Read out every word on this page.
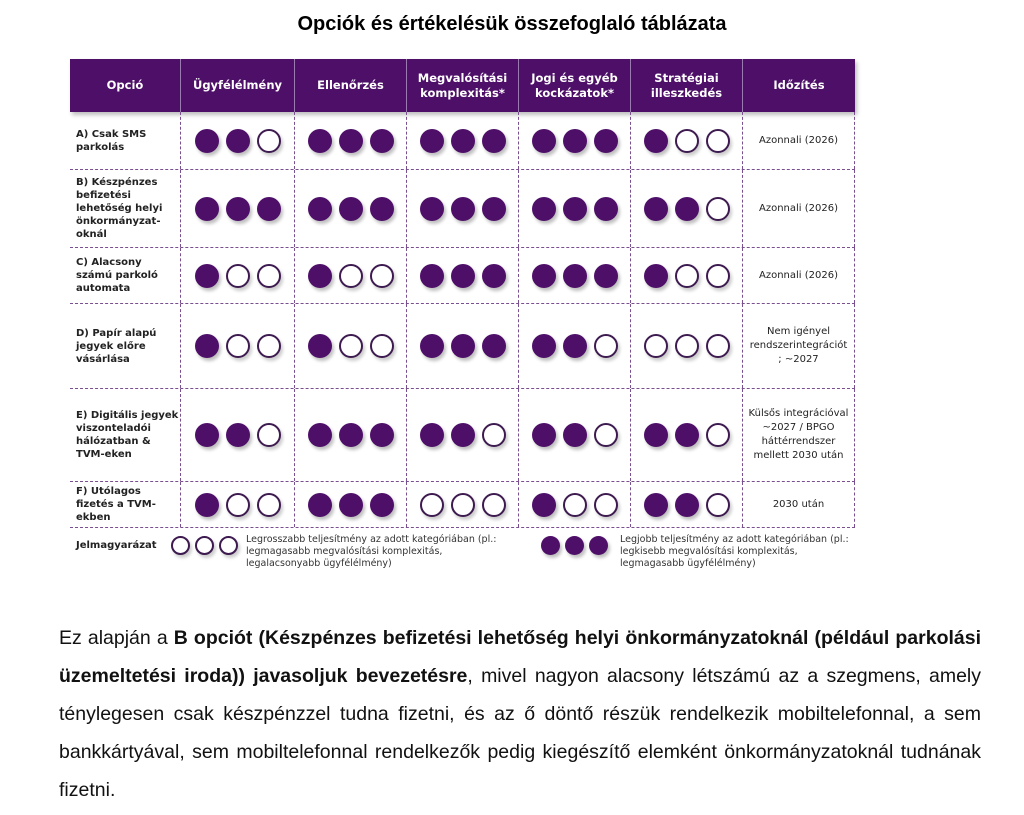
Opciók és értékelésük összefoglaló táblázata
Opció	Ügyfélélmény	Ellenőrzés
Megvalósítási komplexitás*
Jogi és egyéb kockázatok*
Stratégiai illeszkedés
Időzítés
A) Csak SMS parkolás
Azonnali (2026)
B) Készpénzes befizetési lehetőség helyi önkormányzat-oknál
Azonnali (2026)
C) Alacsony számú parkoló automata
Azonnali (2026)
D) Papír alapú jegyek előre vásárlása
Nem igényel rendszerintegrációt ; ~2027
E) Digitális jegyek viszonteladói hálózatban & TVM-eken
Külsős integrációval ~2027 / BPGO háttérrendszer mellett 2030 után
F) Utólagos fizetés a TVM-ekben
2030 után
Jelmagyarázat
Legrosszabb teljesítmény az adott kategóriában (pl.: legmagasabb megvalósítási komplexitás, legalacsonyabb ügyfélélmény)
Legjobb teljesítmény az adott kategóriában (pl.: legkisebb megvalósítási komplexitás, legmagasabb ügyfélélmény)
Ez alapján a B opciót (Készpénzes befizetési lehetőség helyi önkormányzatoknál (például parkolási üzemeltetési iroda)) javasoljuk bevezetésre, mivel nagyon alacsony létszámú az a szegmens, amely ténylegesen csak készpénzzel tudna fizetni, és az ő döntő részük rendelkezik mobiltelefonnal, a sem bankkártyával, sem mobiltelefonnal rendelkezők pedig kiegészítő elemként önkormányzatoknál tudnának fizetni.
